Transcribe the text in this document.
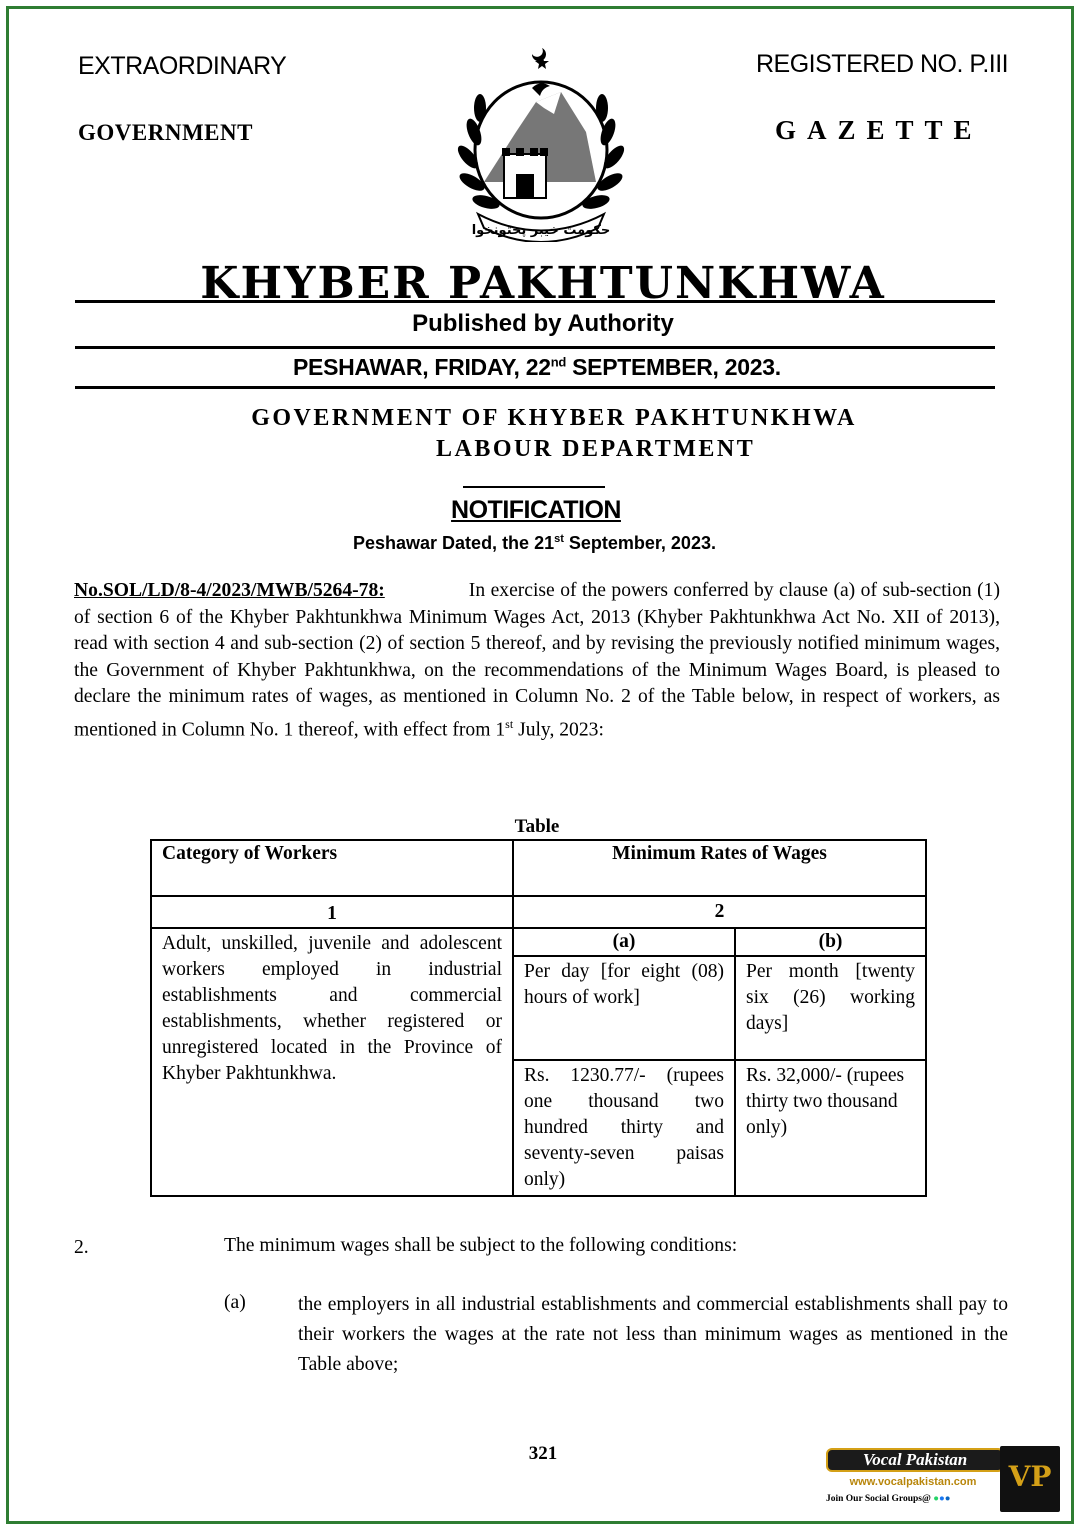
EXTRAORDINARY
GOVERNMENT
REGISTERED NO. P.III
GAZETTE
حکومت خیبر پختونخوا
KHYBER PAKHTUNKHWA
Published by Authority
PESHAWAR, FRIDAY, 22nd SEPTEMBER, 2023.
GOVERNMENT OF KHYBER PAKHTUNKHWA
LABOUR DEPARTMENT
NOTIFICATION
Peshawar Dated, the 21st September, 2023.
No.SOL/LD/8-4/2023/MWB/5264-78:	In exercise of the powers conferred by clause (a) of sub-section (1) of section 6 of the Khyber Pakhtunkhwa Minimum Wages Act, 2013 (Khyber Pakhtunkhwa Act No. XII of 2013), read with section 4 and sub-section (2) of section 5 thereof, and by revising the previously notified minimum wages, the Government of Khyber Pakhtunkhwa, on the recommendations of the Minimum Wages Board, is pleased to declare the minimum rates of wages, as mentioned in Column No. 2 of the Table below, in respect of workers, as mentioned in Column No. 1 thereof, with effect from 1st July, 2023:
Table
Category of Workers	Minimum Rates of Wages	
1	2	
Adult, unskilled, juvenile and adolescent workers employed in industrial establishments and commercial establishments, whether registered or unregistered located in the Province of Khyber Pakhtunkhwa.	(a)	(b)
	Per day [for eight (08) hours of work]	Per month [twenty six (26) working days]
	Rs. 1230.77/- (rupees one thousand two hundred thirty and seventy-seven paisas only)	Rs. 32,000/- (rupees thirty two thousand only)
2.	The minimum wages shall be subject to the following conditions:
(a)	the employers in all industrial establishments and commercial establishments shall pay to their workers the wages at the rate not less than minimum wages as mentioned in the Table above;
321	Vocal Pakistan
www.vocalpakistan.com
Join Our Social Groups@ ●●●
VP
